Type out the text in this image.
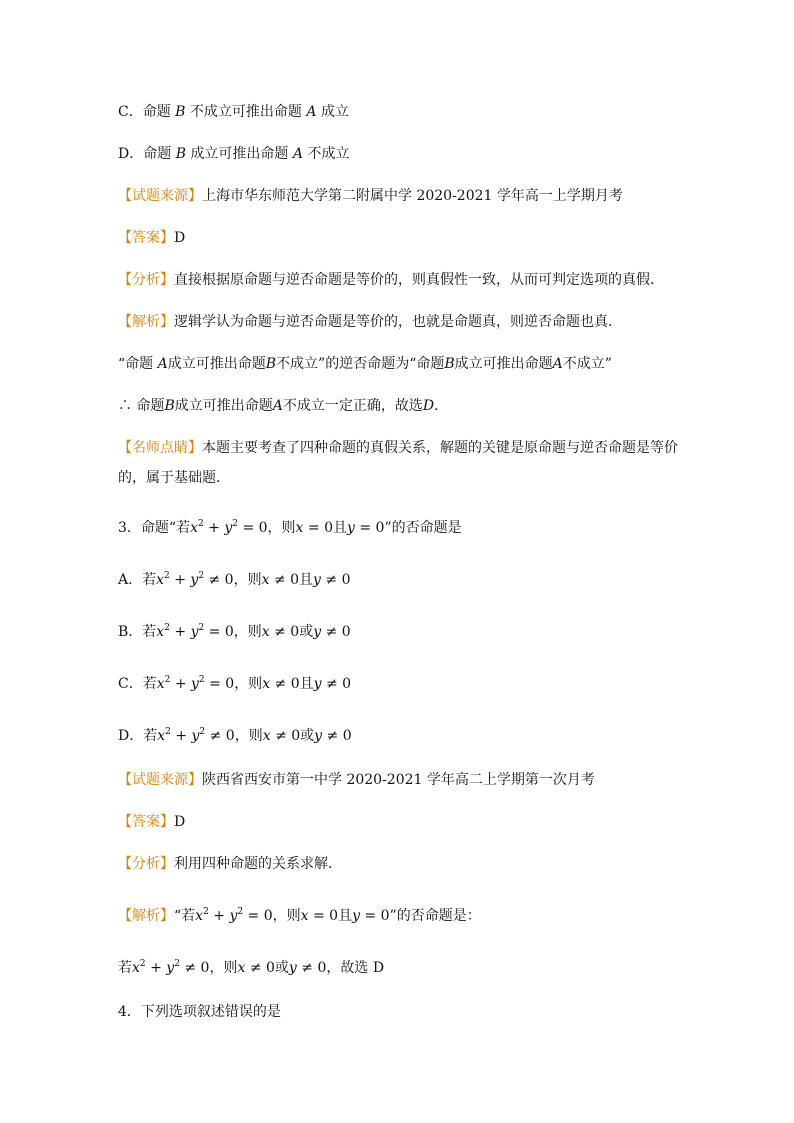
C．命题 B 不成立可推出命题 A 成立
D．命题 B 成立可推出命题 A 不成立
【试题来源】上海市华东师范大学第二附属中学 2020-2021 学年高一上学期月考
【答案】D
【分析】直接根据原命题与逆否命题是等价的，则真假性一致，从而可判定选项的真假．
【解析】逻辑学认为命题与逆否命题是等价的，也就是命题真，则逆否命题也真．
“命题 A成立可推出命题B不成立”的逆否命题为“命题B成立可推出命题A不成立”
∴ 命题B成立可推出命题A不成立一定正确，故选D．
【名师点睛】本题主要考查了四种命题的真假关系，解题的关键是原命题与逆否命题是等价
的，属于基础题．
3．命题“若$x^2 + y^2 = 0$，则x = 0且y = 0”的否命题是
A．若$x^2 + y^2 \ne 0$，则x ≠ 0且y ≠ 0
B．若$x^2 + y^2 = 0$，则x ≠ 0或y ≠ 0
C．若$x^2 + y^2 = 0$，则x ≠ 0且y ≠ 0
D．若$x^2 + y^2 \ne 0$，则x ≠ 0或y ≠ 0
【试题来源】陕西省西安市第一中学 2020-2021 学年高二上学期第一次月考
【答案】D
【分析】利用四种命题的关系求解．
【解析】“若$x^2 + y^2 = 0$，则x = 0且y = 0”的否命题是：
若$x^2 + y^2 \ne 0$，则x ≠ 0或y ≠ 0，故选 D
4．下列选项叙述错误的是
